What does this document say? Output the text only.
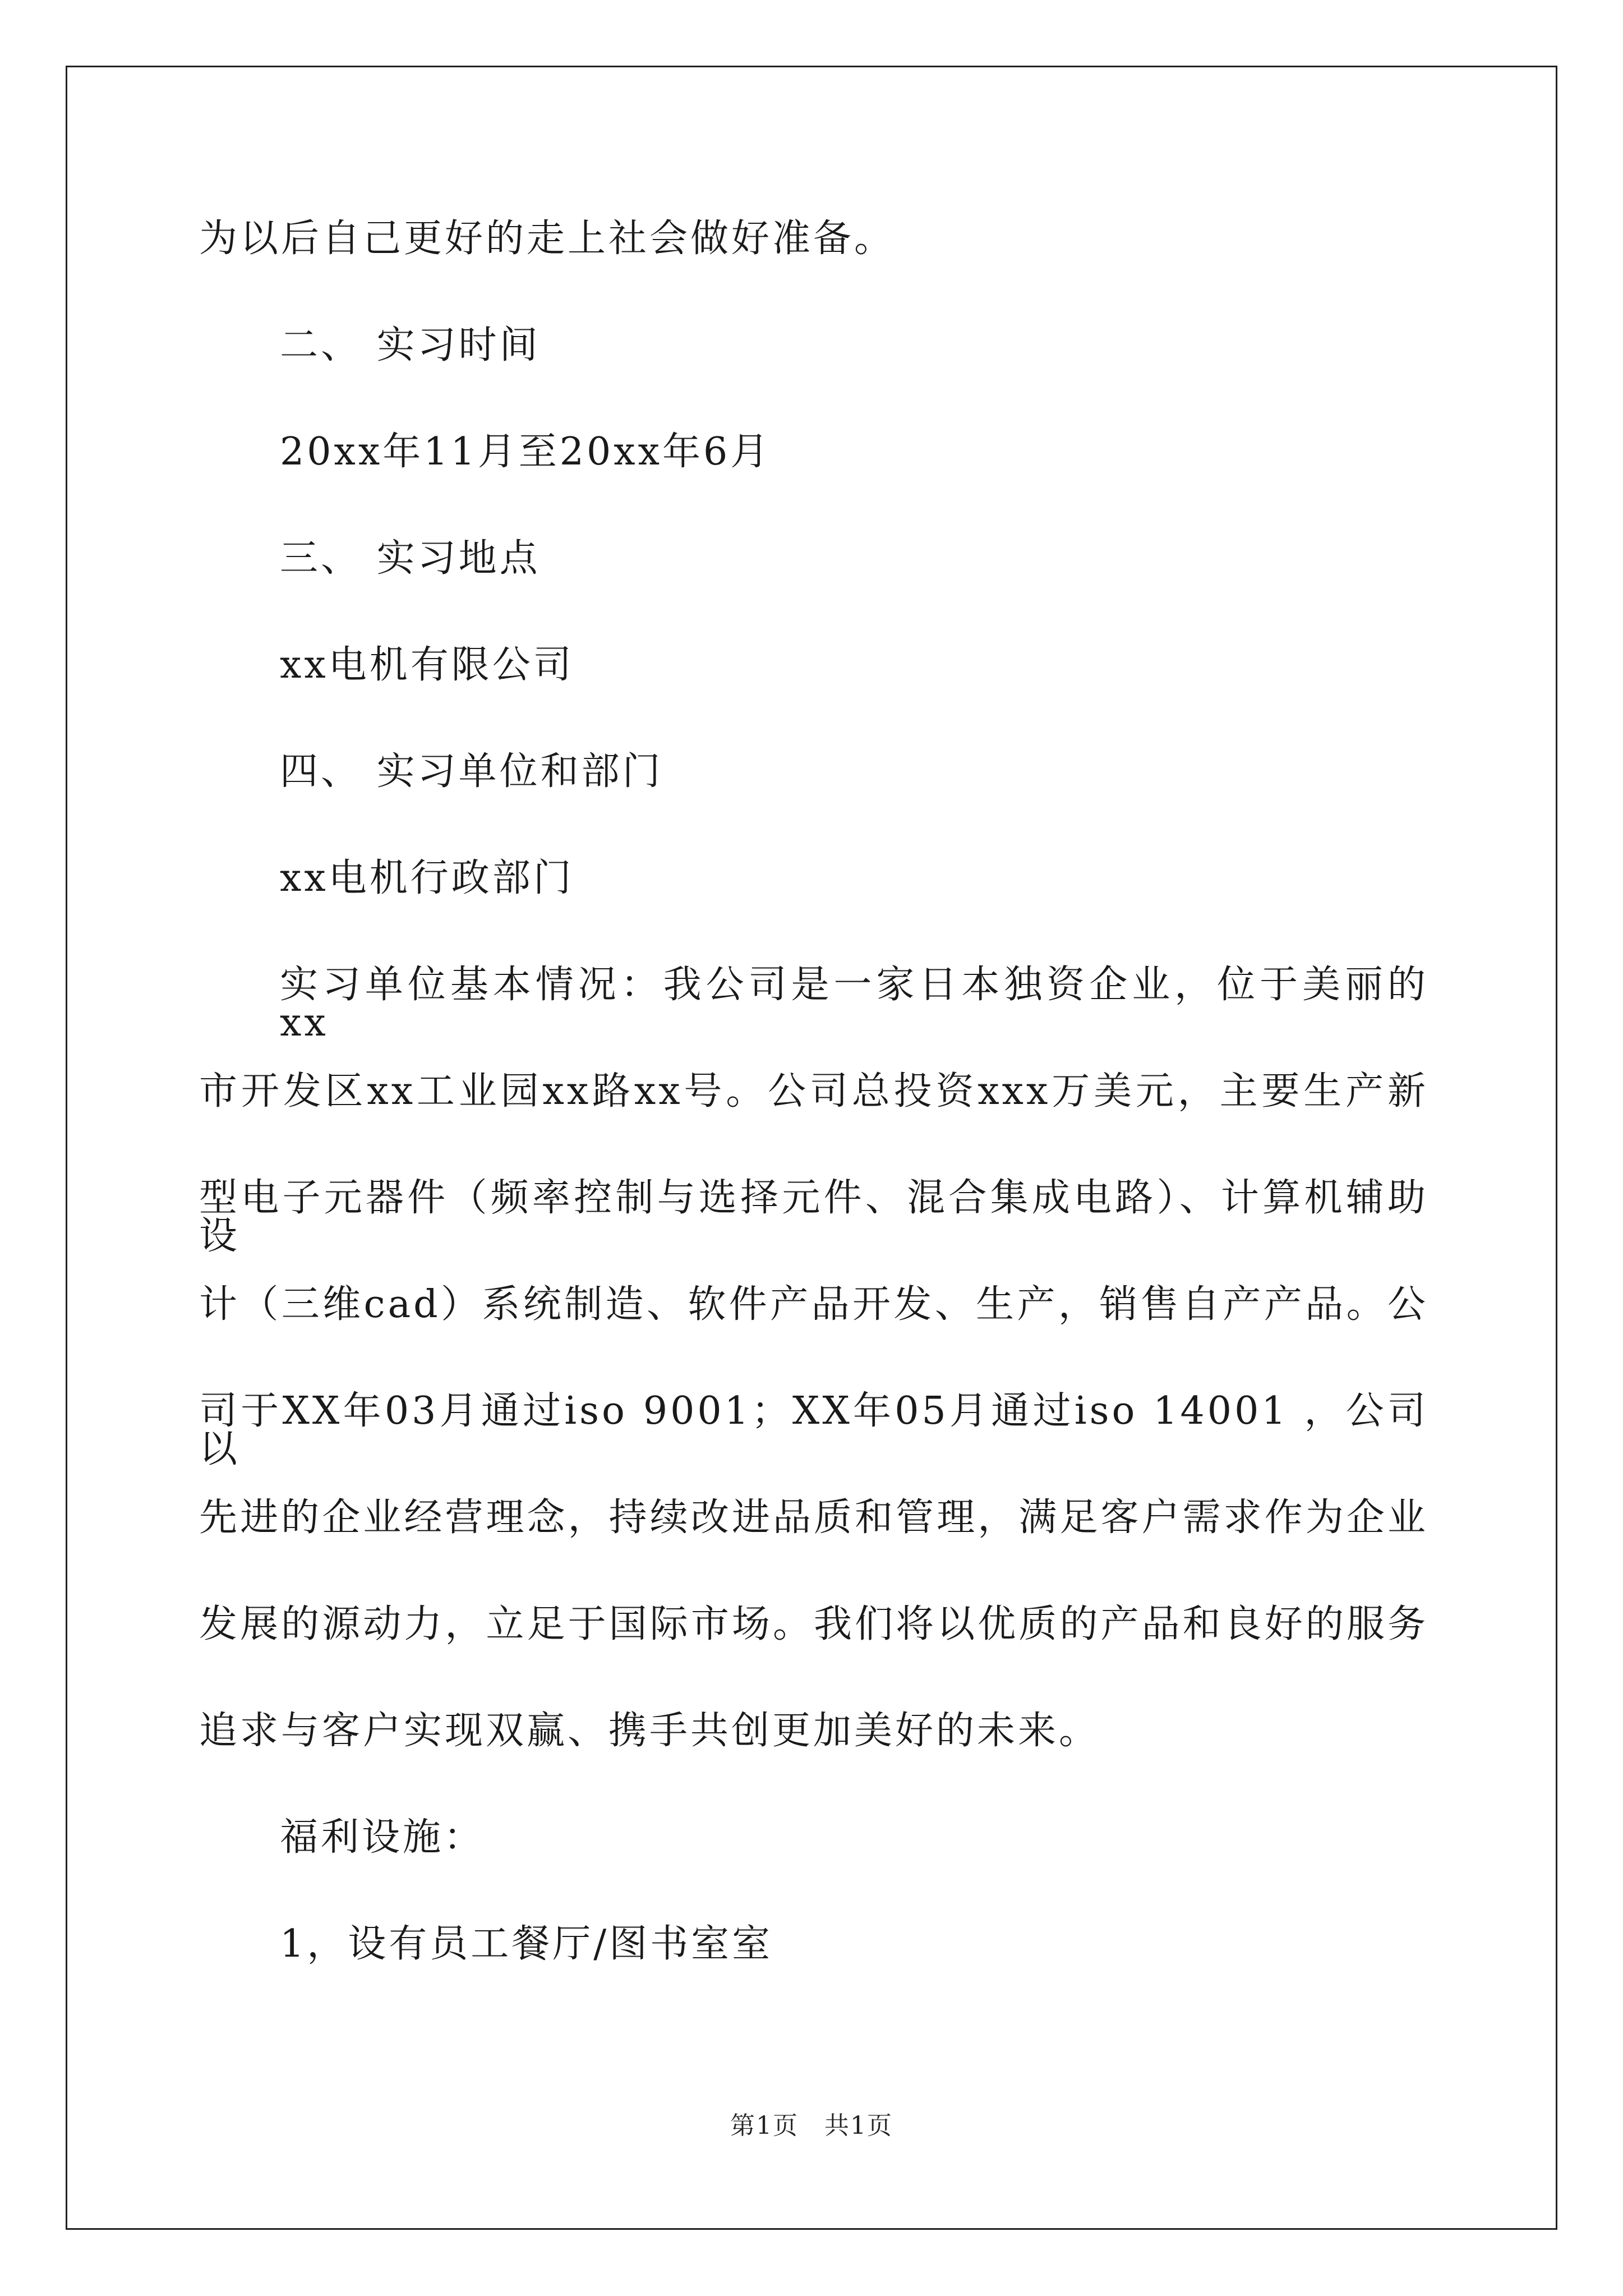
为以后自己更好的走上社会做好准备。
二、 实习时间
20xx年11月至20xx年6月
三、 实习地点
xx电机有限公司
四、 实习单位和部门
xx电机行政部门
实习单位基本情况：我公司是一家日本独资企业，位于美丽的xx
市开发区xx工业园xx路xx号。公司总投资xxx万美元，主要生产新
型电子元器件（频率控制与选择元件、混合集成电路）、计算机辅助设
计（三维cad）系统制造、软件产品开发、生产，销售自产产品。公
司于XX年03月通过iso 9001；XX年05月通过iso 14001 ，公司以
先进的企业经营理念，持续改进品质和管理，满足客户需求作为企业
发展的源动力，立足于国际市场。我们将以优质的产品和良好的服务
追求与客户实现双赢、携手共创更加美好的未来。
福利设施：
1，设有员工餐厅/图书室室
第1页　共1页
